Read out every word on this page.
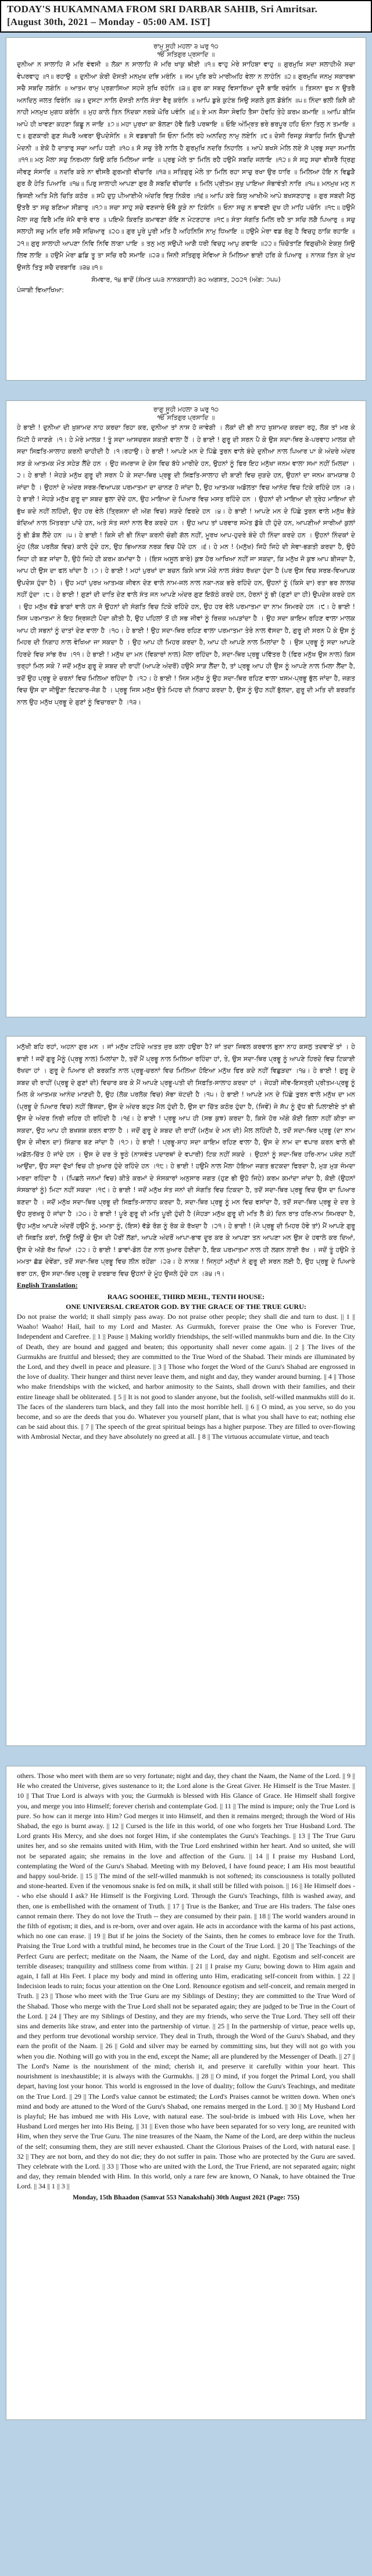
TODAY'S HUKAMNAMA FROM SRI DARBAR SAHIB, Sri Amritsar.
[August 30th, 2021 – Monday - 05:00 AM. IST]
ਰਾਮੁ ਸੂਹੀ ਮਹਲਾ ੩ ਘਰੁ ੧੦
ੴ ਸਤਿਗੁਰ ਪ੍ਰਸਾਦਿ ॥

ਦੁਨੀਆ ਨ ਸਾਲਾਹਿ ਜੋ ਮਰਿ ਵੰਞਸੀ ॥ ਲੋਕਾ ਨ ਸਾਲਾਹਿ ਜੋ ਮਰਿ ਖਾਕੁ ਥੀਈ ॥੧॥ ਵਾਹੁ ਮੇਰੇ ਸਾਹਿਬਾ ਵਾਹੁ ॥ ਗੁਰਮੁਖਿ ਸਦਾ ਸਲਾਹੀਐ ਸਚਾ ਵੇਪਰਵਾਹੁ ॥੧॥ ਰਹਾਉ ॥ ਦੁਨੀਆ ਕੇਰੀ ਦੋਸਤੀ ਮਨਮੁਖ ਦਝਿ ਮਰੰਨਿ ॥ ਜਮ ਪੁਰਿ ਬਧੇ ਮਾਰੀਅਹਿ ਵੇਲਾ ਨ ਲਾਹੰਨਿ ॥੨॥ ਗੁਰਮੁਖਿ ਜਨਮੁ ਸਕਾਰਥਾ ਸਚੈ ਸਬਦਿ ਲਗੰਨਿ ॥ ਆਤਮ ਰਾਮੁ ਪ੍ਰਗਾਸਿਆ ਸਹਜੇ ਸੁਖਿ ਰਹੰਨਿ ॥੩॥ ਗੁਰ ਕਾ ਸਬਦੁ ਵਿਸਾਰਿਆ ਦੂਜੈ ਭਾਇ ਰਚੰਨਿ ॥ ਤਿਸਨਾ ਭੁਖ ਨ ਉਤਰੈ ਅਨਦਿਨੁ ਜਲਤ ਫਿਰੰਨਿ ॥੪॥ ਦੁਸਟਾ ਨਾਲਿ ਦੋਸਤੀ ਨਾਲਿ ਸੰਤਾ ਵੈਰੁ ਕਰੰਨਿ ॥ ਆਪਿ ਡੁਬੇ ਕੁਟੰਬ ਸਿਉ ਸਗਲੇ ਕੁਲ ਡੋਬੰਨਿ ॥੫॥ ਨਿੰਦਾ ਭਲੀ ਕਿਸੈ ਕੀ ਨਾਹੀ ਮਨਮੁਖ ਮੁਗਧ ਕਰੰਨਿ ॥ ਮੁਹ ਕਾਲੇ ਤਿਨ ਨਿੰਦਕਾ ਨਰਕੇ ਘੋਰਿ ਪਵੰਨਿ ॥੬॥ ਏ ਮਨ ਜੈਸਾ ਸੇਵਹਿ ਤੈਸਾ ਹੋਵਹਿ ਤੇਹੇ ਕਰਮ ਕਮਾਇ ॥ ਆਪਿ ਬੀਜਿ ਆਪੇ ਹੀ ਖਾਵਣਾ ਕਹਣਾ ਕਿਛੂ ਨ ਜਾਇ ॥੭॥ ਮਹਾ ਪੁਰਖਾ ਕਾ ਬੋਲਣਾ ਹੋਵੈ ਕਿਤੈ ਪਰਥਾਇ ॥ ਓਇ ਅੰਮ੍ਰਿਤ ਭਰੇ ਭਰਪੂਰ ਹਹਿ ਓਨਾ ਤਿਲੁ ਨ ਤਮਾਇ ॥੮॥ ਗੁਣਕਾਰੀ ਗੁਣ ਸੰਘਰੈ ਅਵਰਾ ਉਪਦੇਸੇਨਿ ॥ ਸੇ ਵਡਭਾਗੀ ਜਿ ਓਨਾ ਮਿਲਿ ਰਹੇ ਅਨਦਿਨੁ ਨਾਮੁ ਲਏਨਿ ॥੯॥ ਦੇਸੀ ਰਿਜਕੁ ਸੰਬਾਹਿ ਜਿਨਿ ਉਪਾਈ ਮੇਦਨੀ ॥ ਏਕੋ ਹੈ ਦਾਤਾਰੁ ਸਚਾ ਆਪਿ ਧਣੀ ॥੧੦॥ ਸੋ ਸਚੁ ਤੇਰੈ ਨਾਲਿ ਹੈ ਗੁਰਮੁਖਿ ਨਦਰਿ ਨਿਹਾਲਿ ॥ ਆਪੇ ਬਖਸੇ ਮੇਲਿ ਲਏ ਸੋ ਪ੍ਰਭੁ ਸਦਾ ਸਮਾਲਿ ॥੧੧॥ ਮਨੁ ਮੈਲਾ ਸਚੁ ਨਿਰਮਲਾ ਕਿਉ ਕਰਿ ਮਿਲਿਆ ਜਾਇ ॥ ਪ੍ਰਭੁ ਮੇਲੇ ਤਾ ਮਿਲਿ ਰਹੈ ਹਉਮੈ ਸਬਦਿ ਜਲਾਇ ॥੧੨॥ ਸੋ ਸਹੁ ਸਚਾ ਵੀਸਰੈ ਧ੍ਰਿਗੁ ਜੀਵਣੁ ਸੰਸਾਰਿ ॥ ਨਦਰਿ ਕਰੇ ਨਾ ਵੀਸਰੈ ਗੁਰਮਤੀ ਵੀਚਾਰਿ ॥੧੩॥ ਸਤਿਗੁਰੁ ਮੇਲੇ ਤਾ ਮਿਲਿ ਰਹਾ ਸਾਚੁ ਰਖਾ ਉਰ ਧਾਰਿ ॥ ਮਿਲਿਆ ਹੋਇ ਨ ਵਿਛੁੜੈ ਗੁਰ ਕੈ ਹੇਤਿ ਪਿਆਰਿ ॥੧੪॥ ਪਿਰੁ ਸਾਲਾਹੀ ਆਪਣਾ ਗੁਰ ਕੈ ਸਬਦਿ ਵੀਚਾਰਿ ॥ ਮਿਲਿ ਪ੍ਰੀਤਮ ਸੁਖੁ ਪਾਇਆ ਸੋਭਾਵੰਤੀ ਨਾਰਿ ॥੧੫॥ ਮਨਮੁਖ ਮਨੁ ਨ ਭਿਜਈ ਅਤਿ ਮੈਲੇ ਚਿਤਿ ਕਠੋਰ ॥ ਸਪੈ ਦੁਧੁ ਪੀਆਈਐ ਅੰਦਰਿ ਵਿਸੁ ਨਿਕੋਰ ॥੧੬॥ ਆਪਿ ਕਰੇ ਕਿਸੁ ਆਖੀਐ ਆਪੇ ਬਖਸਣਹਾਰੁ ॥ ਗੁਰ ਸਬਦੀ ਮੈਲੁ ਉਤਰੈ ਤਾ ਸਚੁ ਬਣਿਆ ਸੀਗਾਰੁ ॥੧੭॥ ਸਚਾ ਸਾਹੁ ਸਚੇ ਵਣਜਾਰੇ ਓਥੈ ਕੂੜੇ ਨਾ ਟਿਕੰਨਿ ॥ ਓਨਾ ਸਚੁ ਨ ਭਾਵਈ ਦੁਖ ਹੀ ਮਾਹਿ ਪਚੰਨਿ ॥੧੮॥ ਹਉਮੈ ਮੈਲਾ ਜਗੁ ਫਿਰੈ ਮਰਿ ਜੰਮੈ ਵਾਰੋ ਵਾਰ ॥ ਪਇਐ ਕਿਰਤਿ ਕਮਾਵਣਾ ਕੋਇ ਨ ਮੇਟਣਹਾਰ ॥੧੯॥ ਸੰਤਾ ਸੰਗਤਿ ਮਿਲਿ ਰਹੈ ਤਾ ਸਚਿ ਲਗੈ ਪਿਆਰੁ ॥ ਸਚੁ ਸਲਾਹੀ ਸਚੁ ਮਨਿ ਦਰਿ ਸਚੈ ਸਚਿਆਰੁ ॥੨੦॥ ਗੁਰ ਪੂਰੇ ਪੂਰੀ ਮਤਿ ਹੈ ਅਹਿਨਿਸਿ ਨਾਮੁ ਧਿਆਇ ॥ ਹਉਮੈ ਮੇਰਾ ਵਡ ਰੋਗੁ ਹੈ ਵਿਚਹੁ ਠਾਕਿ ਰਹਾਇ ॥੨੧॥ ਗੁਰੁ ਸਾਲਾਹੀ ਆਪਣਾ ਨਿਵਿ ਨਿਵਿ ਲਾਗਾ ਪਾਇ ॥ ਤਨੁ ਮਨੁ ਸਉਪੀ ਆਗੈ ਧਰੀ ਵਿਚਹੁ ਆਪੁ ਗਵਾਇ ॥੨੨॥ ਖਿੰਚੋਤਾਣਿ ਵਿਗੁਚੀਐ ਏਕਸੁ ਸਿਉ ਲਿਵ ਲਾਇ ॥ ਹਉਮੈ ਮੇਰਾ ਛਡਿ ਤੂ ਤਾ ਸਚਿ ਰਹੈ ਸਮਾਇ ॥੨੩॥ ਜਿਨੀ ਸਤਿਗੁਰੁ ਸੇਵਿਆ ਸੇ ਮਿਲਿਆ ਭਾਈ ਹਰਿ ਕੇ ਪਿਆਰੁ ॥ ਨਾਨਕ ਤਿਨ ਕੇ ਮੁਖ ਉਜਲੇ ਤਿਤੁ ਸਚੈ ਦਰਬਾਰਿ ॥੩੪॥੧॥

ਸੋਮਵਾਰ, ੧੪ ਭਾਦੋਂ (ਸੰਮਤ ੫੫੩ ਨਾਨਕਸ਼ਾਹੀ) ੩੦ ਅਗਸਤ, ੨੦੨੧ (ਅੰਗ: ੭੫੫)
ਪੰਜਾਬੀ ਵਿਆਖਿਆ:
ਰਾਗੁ ਸੂਹੀ ਮਹਲਾ ੩ ਘਰੁ ੧੦
ੴ ਸਤਿਗੁਰ ਪ੍ਰਸਾਦਿ ॥

ਹੇ ਭਾਈ ! ਦੁਨੀਆ ਦੀ ਖ਼ੁਸ਼ਾਮਦ ਨਾਹ ਕਰਦਾ ਰਿਹਾ ਕਰ, ਦੁਨੀਆ ਤਾਂ ਨਾਸ ਹੋ ਜਾਵੇਗੀ । ਲੋਕਾਂ ਦੀ ਭੀ ਨਾਹ ਖੁਸ਼ਾਮਦ ਕਰਦਾ ਰਹੁ, ਲੋਕ ਤਾਂ ਮਰ ਕੇ ਮਿੱਟੀ ਹੋ ਜਾਣਗੇ ।੧। ਹੇ ਮੇਰੇ ਮਾਲਕ ! ਤੂੰ ਸਦਾ ਆਸਚਰਜ ਸ਼ਕਤੀ ਵਾਲਾ ਹੈਂ । ਹੇ ਭਾਈ ! ਗੁਰੂ ਦੀ ਸਰਨ ਪੈ ਕੇ ਉਸ ਸਦਾ-ਥਿਰ ਬੇ-ਪਰਵਾਹ ਮਾਲਕ ਦੀ ਸਦਾ ਸਿਫ਼ਤਿ-ਸਾਲਾਹ ਕਰਨੀ ਚਾਹੀਦੀ ਹੈ ।੧।ਰਹਾਉ। ਹੇ ਭਾਈ ! ਆਪਣੇ ਮਨ ਦੇ ਪਿੱਛੇ ਤੁਰਨ ਵਾਲੇ ਬੰਦੇ ਦੁਨੀਆ ਨਾਲ ਪਿਆਰ ਪਾ ਕੇ ਅੰਦਰੇ ਅੰਦਰ ਸੜ ਕੇ ਆਤਮਕ ਮੌਤ ਸਹੇੜ ਲੈਂਦੇ ਹਨ । ਉਹ ਜਮਰਾਜ ਦੇ ਦੇਸ ਵਿਚ ਬੱਧੇ ਮਾਰੀਦੇ ਹਨ, ਉਹਨਾਂ ਨੂੰ ਫਿਰ ਇਹ ਮਨੁੱਖਾ ਜਨਮ ਵਾਲਾ ਸਮਾ ਨਹੀਂ ਮਿਲਦਾ ।੨। ਹੇ ਭਾਈ ! ਜੇਹੜੇ ਮਨੁੱਖ ਗੁਰੂ ਦੀ ਸਰਨ ਪੈ ਕੇ ਸਦਾ-ਥਿਰ ਪ੍ਰਭੂ ਦੀ ਸਿਫ਼ਤਿ-ਸਾਲਾਹ ਦੀ ਬਾਣੀ ਵਿਚ ਜੁੜਦੇ ਹਨ, ਉਹਨਾਂ ਦਾ ਜਨਮ ਕਾਮਯਾਬ ਹੋ ਜਾਂਦਾ ਹੈ । ਉਹਨਾਂ ਦੇ ਅੰਦਰ ਸਰਬ-ਵਿਆਪਕ ਪਰਮਾਤਮਾ ਦਾ ਚਾਨਣ ਹੋ ਜਾਂਦਾ ਹੈ, ਉਹ ਆਤਮਕ ਅਡੋਲਤਾ ਵਿਚ ਆਨੰਦ ਵਿਚ ਟਿਕੇ ਰਹਿੰਦੇ ਹਨ ।੩। ਹੇ ਭਾਈ ! ਜੇਹੜੇ ਮਨੁੱਖ ਗੁਰੂ ਦਾ ਸ਼ਬਦ ਭੁਲਾ ਦੇਂਦੇ ਹਨ, ਉਹ ਮਾਇਆ ਦੇ ਪਿਆਰ ਵਿਚ ਮਸਤ ਰਹਿੰਦੇ ਹਨ । ਉਹਨਾਂ ਦੀ ਮਾਇਆ ਦੀ ਤ੍ਰੇਹ ਮਾਇਆ ਦੀ ਭੁੱਖ ਕਦੇ ਨਹੀਂ ਲਹਿੰਦੀ, ਉਹ ਹਰ ਵੇਲੇ (ਤ੍ਰਿਸ਼ਨਾ ਦੀ ਅੱਗ ਵਿਚ) ਸੜਦੇ ਫਿਰਦੇ ਹਨ ।੪। ਹੇ ਭਾਈ ! ਆਪਣੇ ਮਨ ਦੇ ਪਿੱਛੇ ਤੁਰਨ ਵਾਲੇ ਮਨੁੱਖ ਭੈੜੇ ਬੰਦਿਆਂ ਨਾਲ ਮਿੱਤਰਤਾ ਪਾਂਦੇ ਹਨ, ਅਤੇ ਸੰਤ ਜਨਾਂ ਨਾਲ ਵੈਰ ਕਰਦੇ ਹਨ । ਉਹ ਆਪ ਤਾਂ ਪਰਵਾਰ ਸਮੇਤ ਡੁੱਬੇ ਹੀ ਹੁੰਦੇ ਹਨ, ਆਪਣੀਆਂ ਸਾਰੀਆਂ ਕੁਲਾਂ ਨੂੰ ਭੀ ਡੋਬ ਲੈਂਦੇ ਹਨ ।੫। ਹੇ ਭਾਈ ! ਕਿਸੇ ਦੀ ਭੀ ਨਿੰਦਾ ਕਰਨੀ ਚੰਗੀ ਗੱਲ ਨਹੀਂ, ਮੂਰਖ ਆਪ-ਹੁਦਰੇ ਬੰਦੇ ਹੀ ਨਿੰਦਾ ਕਰਦੇ ਹਨ । ਉਹਨਾਂ ਨਿੰਦਕਾਂ ਦੇ ਮੂੰਹ (ਲੋਕ ਪਰਲੋਕ ਵਿਚ) ਕਾਲੇ ਹੁੰਦੇ ਹਨ, ਉਹ ਭਿਆਨਕ ਨਰਕ ਵਿਚ ਪੈਂਦੇ ਹਨ ।੬। ਹੇ ਮਨ ! (ਮਨੁੱਖ) ਜਿਹੋ ਜਿਹੇ ਦੀ ਸੇਵਾ-ਭਗਤੀ ਕਰਦਾ ਹੈ, ਉਹੋ ਜਿਹਾ ਹੀ ਬਣ ਜਾਂਦਾ ਹੈ, ਉਹੋ ਜਿਹੇ ਹੀ ਕਰਮ ਕਮਾਂਦਾ ਹੈ । (ਇਸ ਅਸੂਲ ਬਾਰੇ) ਕੁਝ ਹੋਰ ਆਖਿਆ ਨਹੀਂ ਜਾ ਸਕਦਾ, ਕਿ ਮਨੁੱਖ ਜੋ ਕੁਝ ਆਪ ਬੀਜਦਾ ਹੈ, ਆਪ ਹੀ ਉਸ ਦਾ ਫਲ ਖਾਂਦਾ ਹੈ ।੭। ਹੇ ਭਾਈ ! ਮਹਾਂ ਪੁਰਖਾਂ ਦਾ ਬਚਨ ਕਿਸੇ ਖ਼ਾਸ ਮੌਕੇ ਨਾਲ ਸੰਬੰਧ ਰੱਖਦਾ ਹੁੰਦਾ ਹੈ (ਪਰ ਉਸ ਵਿਚ ਸਰਬ-ਵਿਆਪਕ ਉਪਦੇਸ਼ ਹੁੰਦਾ ਹੈ) । ਉਹ ਮਹਾਂ ਪੁਰਖ ਆਤਮਕ ਜੀਵਨ ਦੇਣ ਵਾਲੇ ਨਾਮ-ਜਲ ਨਾਲ ਨਕਾ-ਨਕ ਭਰੇ ਰਹਿੰਦੇ ਹਨ, ਉਹਨਾਂ ਨੂੰ (ਕਿਸੇ ਦਾ) ਰਤਾ ਭਰ ਲਾਲਚ ਨਹੀਂ ਹੁੰਦਾ ।੮। ਹੇ ਭਾਈ ! ਗੁਣਾਂ ਦੀ ਦਾਤਿ ਦੇਣ ਵਾਲੇ ਸੰਤ ਜਨ ਆਪਣੇ ਅੰਦਰ ਗੁਣ ਇਕੱਠੇ ਕਰਦੇ ਹਨ, ਹੋਰਨਾਂ ਨੂੰ ਭੀ (ਗੁਣਾਂ ਦਾ ਹੀ) ਉਪਦੇਸ਼ ਕਰਦੇ ਹਨ । ਉਹ ਮਨੁੱਖ ਵੱਡੇ ਭਾਗਾਂ ਵਾਲੇ ਹਨ ਜੋ ਉਹਨਾਂ ਦੀ ਸੰਗਤਿ ਵਿਚ ਟਿਕੇ ਰਹਿੰਦੇ ਹਨ, ਉਹ ਹਰ ਵੇਲੇ ਪਰਮਾਤਮਾ ਦਾ ਨਾਮ ਸਿਮਰਦੇ ਹਨ ।੯। ਹੇ ਭਾਈ ! ਜਿਸ ਪਰਮਾਤਮਾ ਨੇ ਇਹ ਸ੍ਰਿਸ਼ਟੀ ਪੈਦਾ ਕੀਤੀ ਹੈ, ਉਹ ਪਹਿਲਾਂ ਤੋਂ ਹੀ ਸਭ ਜੀਵਾਂ ਨੂੰ ਰਿਜ਼ਕ ਅਪੜਾਂਦਾ ਹੈ । ਉਹ ਸਦਾ ਕਾਇਮ ਰਹਿਣ ਵਾਲਾ ਮਾਲਕ ਆਪ ਹੀ ਸਭਨਾਂ ਨੂੰ ਦਾਤਾਂ ਦੇਣ ਵਾਲਾ ਹੈ ।੧੦। ਹੇ ਭਾਈ ! ਉਹ ਸਦਾ-ਥਿਰ ਰਹਿਣ ਵਾਲਾ ਪਰਮਾਤਮਾ ਤੇਰੇ ਨਾਲ ਵੱਸਦਾ ਹੈ, ਗੁਰੂ ਦੀ ਸਰਨ ਪੈ ਕੇ ਉਸ ਨੂੰ ਮਿਹਰ ਦੀ ਨਿਗਾਹ ਨਾਲ ਵੇਖਿਆ ਜਾ ਸਕਦਾ ਹੈ । ਉਹ ਆਪ ਹੀ ਮਿਹਰ ਕਰਦਾ ਹੈ, ਆਪ ਹੀ ਆਪਣੇ ਨਾਲ ਮਿਲਾਂਦਾ ਹੈ । ਉਸ ਪ੍ਰਭੂ ਨੂੰ ਸਦਾ ਆਪਣੇ ਹਿਰਦੇ ਵਿਚ ਸਾਂਭ ਰੱਖ ।੧੧। ਹੇ ਭਾਈ ! ਮਨੁੱਖ ਦਾ ਮਨ (ਵਿਕਾਰਾਂ ਨਾਲ) ਮੈਲਾ ਰਹਿੰਦਾ ਹੈ, ਸਦਾ-ਥਿਰ ਪ੍ਰਭੂ ਪਵਿੱਤਰ ਹੈ (ਫਿਰ ਮਨੁੱਖ ਉਸ ਨਾਲ) ਕਿਸ ਤਰ੍ਹਾਂ ਮਿਲ ਸਕੇ ? ਜਦੋਂ ਮਨੁੱਖ ਗੁਰੂ ਦੇ ਸ਼ਬਦ ਦੀ ਰਾਹੀਂ (ਆਪਣੇ ਅੰਦਰੋਂ) ਹਉਮੈ ਸਾੜ ਲੈਂਦਾ ਹੈ, ਤਾਂ ਪ੍ਰਭੂ ਆਪ ਹੀ ਉਸ ਨੂੰ ਆਪਣੇ ਨਾਲ ਮਿਲਾ ਲੈਂਦਾ ਹੈ, ਤਦੋਂ ਉਹ ਪ੍ਰਭੂ ਦੇ ਚਰਨਾਂ ਵਿਚ ਮਿਲਿਆ ਰਹਿੰਦਾ ਹੈ ।੧੨। ਹੇ ਭਾਈ ! ਜਿਸ ਮਨੁੱਖ ਨੂੰ ਉਹ ਸਦਾ-ਥਿਰ ਰਹਿਣ ਵਾਲਾ ਖਸਮ-ਪ੍ਰਭੂ ਭੁੱਲ ਜਾਂਦਾ ਹੈ, ਜਗਤ ਵਿਚ ਉਸ ਦਾ ਜੀਊਣਾ ਫਿਟਕਾਰ-ਜੋਗ ਹੈ । ਪ੍ਰਭੂ ਜਿਸ ਮਨੁੱਖ ਉਤੇ ਮਿਹਰ ਦੀ ਨਿਗਾਹ ਕਰਦਾ ਹੈ, ਉਸ ਨੂੰ ਉਹ ਨਹੀਂ ਭੁੱਲਦਾ, ਗੁਰੂ ਦੀ ਮਤਿ ਦੀ ਬਰਕਤਿ ਨਾਲ ਉਹ ਮਨੁੱਖ ਪ੍ਰਭੂ ਦੇ ਗੁਣਾਂ ਨੂੰ ਵਿਚਾਰਦਾ ਹੈ ।੧੩।

ਮਨੁੱਖੀ ਬਹਿ ਰਹਾਂ, ਅਹਨਾ ਗੁਰ ਮਨ । ਜਾਂ ਮਨੁੱਖ ਟਹਿੰਦੇ ਅਤਤ ਜੁਰ ਕਲਾ ਹਉਰਾ ਹੈ? ਜਾਂ ਤਦਾ ਜਿਵਲ ਕਰਵਾਲ ਭੁਨਾ ਨਾਹ ਕਸਲੁ ਤਦਵਾਏਂ ਤਾਂ । ਹੇ ਭਾਈ ! ਜਦੋਂ ਗੁਰੂ ਮੈਨੂੰ (ਪ੍ਰਭੂ ਨਾਲ) ਮਿਲਾਂਦਾ ਹੈ, ਤਦੋਂ ਮੈਂ ਪ੍ਰਭੂ ਨਾਲ ਮਿਲਿਆ ਰਹਿੰਦਾ ਹਾਂ, ਤੇ, ਉਸ ਸਦਾ-ਥਿਰ ਪ੍ਰਭੂ ਨੂੰ ਆਪਣੇ ਹਿਰਦੇ ਵਿਚ ਟਿਕਾਈ ਰੱਖਦਾ ਹਾਂ । ਗੁਰੂ ਦੇ ਪਿਆਰ ਦੀ ਬਰਕਤਿ ਨਾਲ ਪ੍ਰਭੂ-ਚਰਨਾਂ ਵਿਚ ਮਿਲਿਆ ਹੋਇਆ ਮਨੁੱਖ ਫਿਰ ਕਦੇ ਨਹੀਂ ਵਿਛੁੜਦਾ ।੧੪। ਹੇ ਭਾਈ ! ਗੁਰੂ ਦੇ ਸ਼ਬਦ ਦੀ ਰਾਹੀਂ (ਪ੍ਰਭੂ ਦੇ ਗੁਣਾਂ ਦੀ) ਵਿਚਾਰ ਕਰ ਕੇ ਮੈਂ ਆਪਣੇ ਪ੍ਰਭੂ-ਪਤੀ ਦੀ ਸਿਫ਼ਤਿ-ਸਾਲਾਹ ਕਰਦਾ ਹਾਂ । ਜੇਹੜੀ ਜੀਵ-ਇਸਤ੍ਰੀ ਪ੍ਰੀਤਮ-ਪ੍ਰਭੂ ਨੂੰ ਮਿਲ ਕੇ ਆਤਮਕ ਆਨੰਦ ਮਾਣਦੀ ਹੈ, ਉਹ (ਲੋਕ ਪਰਲੋਕ ਵਿਚ) ਸੋਭਾ ਖੱਟਦੀ ਹੈ ।੧੫। ਹੇ ਭਾਈ ! ਆਪਣੇ ਮਨ ਦੇ ਪਿੱਛੇ ਤੁਰਨ ਵਾਲੇ ਮਨੁੱਖ ਦਾ ਮਨ (ਪ੍ਰਭੂ ਦੇ ਪਿਆਰ ਵਿਚ) ਨਹੀਂ ਭਿੱਜਦਾ, ਉਸ ਦੇ ਅੰਦਰ ਬਹੁਤ ਮੈਲ ਹੁੰਦੀ ਹੈ, ਉਸ ਦਾ ਚਿੱਤ ਕਠੋਰ ਹੁੰਦਾ ਹੈ, (ਜਿਵੇਂ) ਜੇ ਸੱਪ ਨੂੰ ਦੁੱਧ ਭੀ ਪਿਲਾਈਏ ਤਾਂ ਭੀ ਉਸ ਦੇ ਅੰਦਰ ਨਿਰੀ ਜ਼ਹਿਰ ਹੀ ਰਹਿੰਦੀ ਹੈ ।੧੬। ਹੇ ਭਾਈ ! ਪ੍ਰਭੂ ਆਪ ਹੀ (ਸਭ ਕੁਝ) ਕਰਦਾ ਹੈ, ਕਿਸੇ ਹੋਰ ਅੱਗੇ ਕੋਈ ਗਿਲਾ ਨਹੀਂ ਕੀਤਾ ਜਾ ਸਕਦਾ, ਉਹ ਆਪ ਹੀ ਬਖ਼ਸ਼ਸ਼ ਕਰਨ ਵਾਲਾ ਹੈ । ਜਦੋਂ ਗੁਰੂ ਦੇ ਸ਼ਬਦ ਦੀ ਰਾਹੀਂ (ਮਨੁੱਖ ਦੇ ਮਨ ਦੀ) ਮੈਲ ਲਹਿੰਦੀ ਹੈ, ਤਦੋਂ ਸਦਾ-ਥਿਰ ਪ੍ਰਭੂ (ਦਾ ਨਾਮ ਉਸ ਦੇ ਜੀਵਨ ਦਾ) ਸਿੰਗਾਰ ਬਣ ਜਾਂਦਾ ਹੈ ।੧੭। ਹੇ ਭਾਈ ! ਪ੍ਰਭੂ-ਸ਼ਾਹ ਸਦਾ ਕਾਇਮ ਰਹਿਣ ਵਾਲਾ ਹੈ, ਉਸ ਦੇ ਨਾਮ ਦਾ ਵਪਾਰ ਕਰਨ ਵਾਲੇ ਭੀ ਅਡੋਲ-ਚਿੱਤ ਹੋ ਜਾਂਦੇ ਹਨ । ਉਸ ਦੇ ਦਰ ਤੇ ਝੂਠੇ (ਨਾਸਵੰਤ ਪਦਾਰਥਾਂ ਦੇ ਵਪਾਰੀ) ਟਿਕ ਨਹੀਂ ਸਕਦੇ । ਉਹਨਾਂ ਨੂੰ ਸਦਾ-ਥਿਰ ਹਰਿ-ਨਾਮ ਪਸੰਦ ਨਹੀਂ ਆਉਂਦਾ, ਉਹ ਸਦਾ ਦੁੱਖਾਂ ਵਿਚ ਹੀ ਖ਼ੁਆਰ ਹੁੰਦੇ ਰਹਿੰਦੇ ਹਨ ।੧੮। ਹੇ ਭਾਈ ! ਹਉਮੈ ਨਾਲ ਮੈਲਾ ਹੋਇਆ ਜਗਤ ਭਟਕਦਾ ਫਿਰਦਾ ਹੈ, ਮੁੜ ਮੁੜ ਜੰਮਦਾ ਮਰਦਾ ਰਹਿੰਦਾ ਹੈ । (ਪਿਛਲੇ ਜਨਮਾਂ ਵਿਚ) ਕੀਤੇ ਕਰਮਾਂ ਦੇ ਸੰਸਕਾਰਾਂ ਅਨੁਸਾਰ ਜਗਤ (ਹੁਣ ਭੀ ਉਹੋ ਜਿਹੇ) ਕਰਮ ਕਮਾਂਦਾ ਜਾਂਦਾ ਹੈ, ਕੋਈ (ਉਹਨਾਂ ਸੰਸਕਾਰਾਂ ਨੂੰ) ਮਿਟਾ ਨਹੀਂ ਸਕਦਾ ।੧੯। ਹੇ ਭਾਈ ! ਜਦੋਂ ਮਨੁੱਖ ਸੰਤ ਜਨਾਂ ਦੀ ਸੰਗਤਿ ਵਿਚ ਟਿਕਦਾ ਹੈ, ਤਦੋਂ ਸਦਾ-ਥਿਰ ਪ੍ਰਭੂ ਵਿਚ ਉਸ ਦਾ ਪਿਆਰ ਬਣਦਾ ਹੈ । ਜਦੋਂ ਮਨੁੱਖ ਸਦਾ-ਥਿਰ ਪ੍ਰਭੂ ਦੀ ਸਿਫ਼ਤਿ-ਸਾਲਾਹ ਕਰਦਾ ਹੈ, ਸਦਾ-ਥਿਰ ਪ੍ਰਭੂ ਨੂੰ ਮਨ ਵਿਚ ਵਸਾਂਦਾ ਹੈ, ਤਦੋਂ ਸਦਾ-ਥਿਰ ਪ੍ਰਭੂ ਦੇ ਦਰ ਤੇ ਉਹ ਸੁਰਖ਼ਰੂ ਹੋ ਜਾਂਦਾ ਹੈ ।੨੦। ਹੇ ਭਾਈ ! ਪੂਰੇ ਗੁਰੂ ਦੀ ਮਤਿ ਪੂਰੀ ਹੁੰਦੀ ਹੈ (ਜੇਹੜਾ ਮਨੁੱਖ ਗੁਰੂ ਦੀ ਮਤਿ ਲੈ ਕੇ) ਦਿਨ ਰਾਤ ਹਰਿ-ਨਾਮ ਸਿਮਰਦਾ ਹੈ, ਉਹ ਮਨੁੱਖ ਆਪਣੇ ਅੰਦਰੋਂ ਹਉਮੈ ਨੂੰ, ਮਮਤਾ ਨੂੰ, (ਇਸ) ਵੱਡੇ ਰੋਗ ਨੂੰ ਰੋਕ ਕੇ ਰੱਖਦਾ ਹੈ ।੨੧। ਹੇ ਭਾਈ ! (ਜੇ ਪ੍ਰਭੂ ਦੀ ਮਿਹਰ ਹੋਵੇ ਤਾਂ) ਮੈਂ ਆਪਣੇ ਗੁਰੂ ਦੀ ਸਿਫ਼ਤਿ ਕਰਾਂ, ਨਿਊਂ ਨਿਊਂ ਕੇ ਉਸ ਦੀ ਪੈਰੀਂ ਲੱਗਾਂ, ਆਪਣੇ ਅੰਦਰੋਂ ਆਪਾ-ਭਾਵ ਦੂਰ ਕਰ ਕੇ ਆਪਣਾ ਤਨ ਆਪਣਾ ਮਨ ਉਸ ਦੇ ਹਵਾਲੇ ਕਰ ਦਿਆਂ, ਉਸ ਦੇ ਅੱਗੇ ਰੱਖ ਦਿਆਂ ।੨੨। ਹੇ ਭਾਈ ! ਡਾਵਾਂ-ਡੋਲ ਹੋਣ ਨਾਲ ਖ਼ੁਆਰ ਹੋਈਦਾ ਹੈ, ਇਕ ਪਰਮਾਤਮਾ ਨਾਲ ਹੀ ਲਗਨ ਲਾਈ ਰੱਖ । ਜਦੋਂ ਤੂੰ ਹਉਮੈ ਤੇ ਮਮਤਾ ਛੱਡ ਦੇਵੇਂਗਾ, ਤਦੋਂ ਸਦਾ-ਥਿਰ ਪ੍ਰਭੂ ਵਿਚ ਲੀਨ ਰਹੇਂਗਾ ।੨੩। ਹੇ ਨਾਨਕ ! ਜਿਨ੍ਹਾਂ ਮਨੁੱਖਾਂ ਨੇ ਗੁਰੂ ਦੀ ਸਰਨ ਲਈ ਹੈ, ਉਹ ਪ੍ਰਭੂ ਦੇ ਪਿਆਰੇ ਭਰਾ ਹਨ, ਉਸ ਸਦਾ-ਥਿਰ ਪ੍ਰਭੂ ਦੇ ਦਰਬਾਰ ਵਿਚ ਉਹਨਾਂ ਦੇ ਮੂੰਹ ਉਜਲੇ ਹੁੰਦੇ ਹਨ ।੩੪।੧।

English Translation:
RAAG SOOHEE, THIRD MEHL, TENTH HOUSE:
ONE UNIVERSAL CREATOR GOD. BY THE GRACE OF THE TRUE GURU:

Do not praise the world; it shall simply pass away. Do not praise other people; they shall die and turn to dust. || 1 || Waaho! Waaho! Hail, hail to my Lord and Master. As Gurmukh, forever praise the One who is Forever True, Independent and Carefree. || 1 || Pause || Making worldly friendships, the self-willed manmukhs burn and die. In the City of Death, they are bound and gagged and beaten; this opportunity shall never come again. || 2 || The lives of the Gurmukhs are fruitful and blessed; they are committed to the True Word of the Shabad. Their minds are illuminated by the Lord, and they dwell in peace and pleasure. || 3 || Those who forget the Word of the Guru's Shabad are engrossed in the love of duality. Their hunger and thirst never leave them, and night and day, they wander around burning. || 4 || Those who make friendships with the wicked, and harbor animosity to the Saints, shall drown with their families, and their entire lineage shall be obliterated. || 5 || It is not good to slander anyone, but the foolish, self-willed manmukhs still do it. The faces of the slanderers turn black, and they fall into the most horrible hell. || 6 || O mind, as you serve, so do you become, and so are the deeds that you do. Whatever you yourself plant, that is what you shall have to eat; nothing else can be said about this. || 7 || The speech of the great spiritual beings has a higher purpose. They are filled to over-flowing with Ambrosial Nectar, and they have absolutely no greed at all. || 8 || The virtuous accumulate virtue, and teach

others. Those who meet with them are so very fortunate; night and day, they chant the Naam, the Name of the Lord. || 9 || He who created the Universe, gives sustenance to it; the Lord alone is the Great Giver. He Himself is the True Master. || 10 || That True Lord is always with you; the Gurmukh is blessed with His Glance of Grace. He Himself shall forgive you, and merge you into Himself; forever cherish and contemplate God. || 11 || The mind is impure; only the True Lord is pure. So how can it merge into Him? God merges it into Himself, and then it remains merged; through the Word of His Shabad, the ego is burnt away. || 12 || Cursed is the life in this world, of one who forgets her True Husband Lord. The Lord grants His Mercy, and she does not forget Him, if she contemplates the Guru's Teachings. || 13 || The True Guru unites her, and so she remains united with Him, with the True Lord enshrined within her heart. And so united, she will not be separated again; she remains in the love and affection of the Guru. || 14 || I praise my Husband Lord, contemplating the Word of the Guru's Shabad. Meeting with my Beloved, I have found peace; I am His most beautiful and happy soul-bride. || 15 || The mind of the self-willed manmukh is not softened; its consciousness is totally polluted and stone-hearted. Even if the venomous snake is fed on milk, it shall still be filled with poison. || 16 || He Himself does -- who else should I ask? He Himself is the Forgiving Lord. Through the Guru's Teachings, filth is washed away, and then, one is embellished with the ornament of Truth. || 17 || True is the Banker, and True are His traders. The false ones cannot remain there. They do not love the Truth -- they are consumed by their pain. || 18 || The world wanders around in the filth of egotism; it dies, and is re-born, over and over again. He acts in accordance with the karma of his past actions, which no one can erase. || 19 || But if he joins the Society of the Saints, then he comes to embrace love for the Truth. Praising the True Lord with a truthful mind, he becomes true in the Court of the True Lord. || 20 || The Teachings of the Perfect Guru are perfect; meditate on the Naam, the Name of the Lord, day and night. Egotism and self-conceit are terrible diseases; tranquility and stillness come from within. || 21 || I praise my Guru; bowing down to Him again and again, I fall at His Feet. I place my body and mind in offering unto Him, eradicating self-conceit from within. || 22 || Indecision leads to ruin; focus your attention on the One Lord. Renounce egotism and self-conceit, and remain merged in Truth. || 23 || Those who meet with the True Guru are my Siblings of Destiny; they are committed to the True Word of the Shabad. Those who merge with the True Lord shall not be separated again; they are judged to be True in the Court of the Lord. || 24 || They are my Siblings of Destiny, and they are my friends, who serve the True Lord. They sell off their sins and demerits like straw, and enter into the partnership of virtue. || 25 || In the partnership of virtue, peace wells up, and they perform true devotional worship service. They deal in Truth, through the Word of the Guru's Shabad, and they earn the profit of the Naam. || 26 || Gold and silver may be earned by committing sins, but they will not go with you when you die. Nothing will go with you in the end, except the Name; all are plundered by the Messenger of Death. || 27 || The Lord's Name is the nourishment of the mind; cherish it, and preserve it carefully within your heart. This nourishment is inexhaustible; it is always with the Gurmukhs. || 28 || O mind, if you forget the Primal Lord, you shall depart, having lost your honor. This world is engrossed in the love of duality; follow the Guru's Teachings, and meditate on the True Lord. || 29 || The Lord's value cannot be estimated; the Lord's Praises cannot be written down. When one's mind and body are attuned to the Word of the Guru's Shabad, one remains merged in the Lord. || 30 || My Husband Lord is playful; He has imbued me with His Love, with natural ease. The soul-bride is imbued with His Love, when her Husband Lord merges her into His Being. || 31 || Even those who have been separated for so very long, are reunited with Him, when they serve the True Guru. The nine treasures of the Naam, the Name of the Lord, are deep within the nucleus of the self; consuming them, they are still never exhausted. Chant the Glorious Praises of the Lord, with natural ease. || 32 || They are not born, and they do not die; they do not suffer in pain. Those who are protected by the Guru are saved. They celebrate with the Lord. || 33 || Those who are united with the Lord, the True Friend, are not separated again; night and day, they remain blended with Him. In this world, only a rare few are known, O Nanak, to have obtained the True Lord. || 34 || 1 || 3 ||

Monday, 15th Bhaadon (Samvat 553 Nanakshahi) 30th August 2021 (Page: 755)
